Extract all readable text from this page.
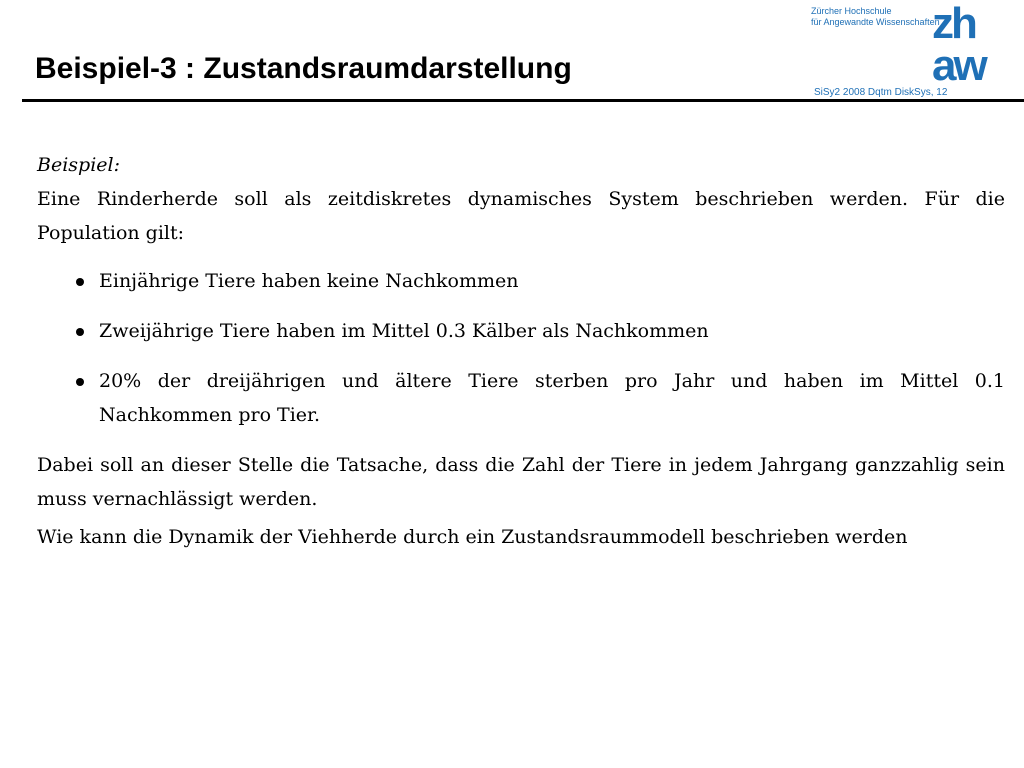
Beispiel-3 : Zustandsraumdarstellung
Zürcher Hochschule
für Angewandte Wissenschaften
zh
aw
SiSy2 2008 Dqtm DiskSys, 12

Beispiel:

Eine Rinderherde soll als zeitdiskretes dynamisches System beschrieben werden. Für die Population gilt:

Einjährige Tiere haben keine Nachkommen
Zweijährige Tiere haben im Mittel 0.3 Kälber als Nachkommen
20% der dreijährigen und ältere Tiere sterben pro Jahr und haben im Mittel 0.1 Nachkommen pro Tier.

Dabei soll an dieser Stelle die Tatsache, dass die Zahl der Tiere in jedem Jahrgang ganzzahlig sein muss vernachlässigt werden.

Wie kann die Dynamik der Viehherde durch ein Zustandsraummodell beschrieben werden
